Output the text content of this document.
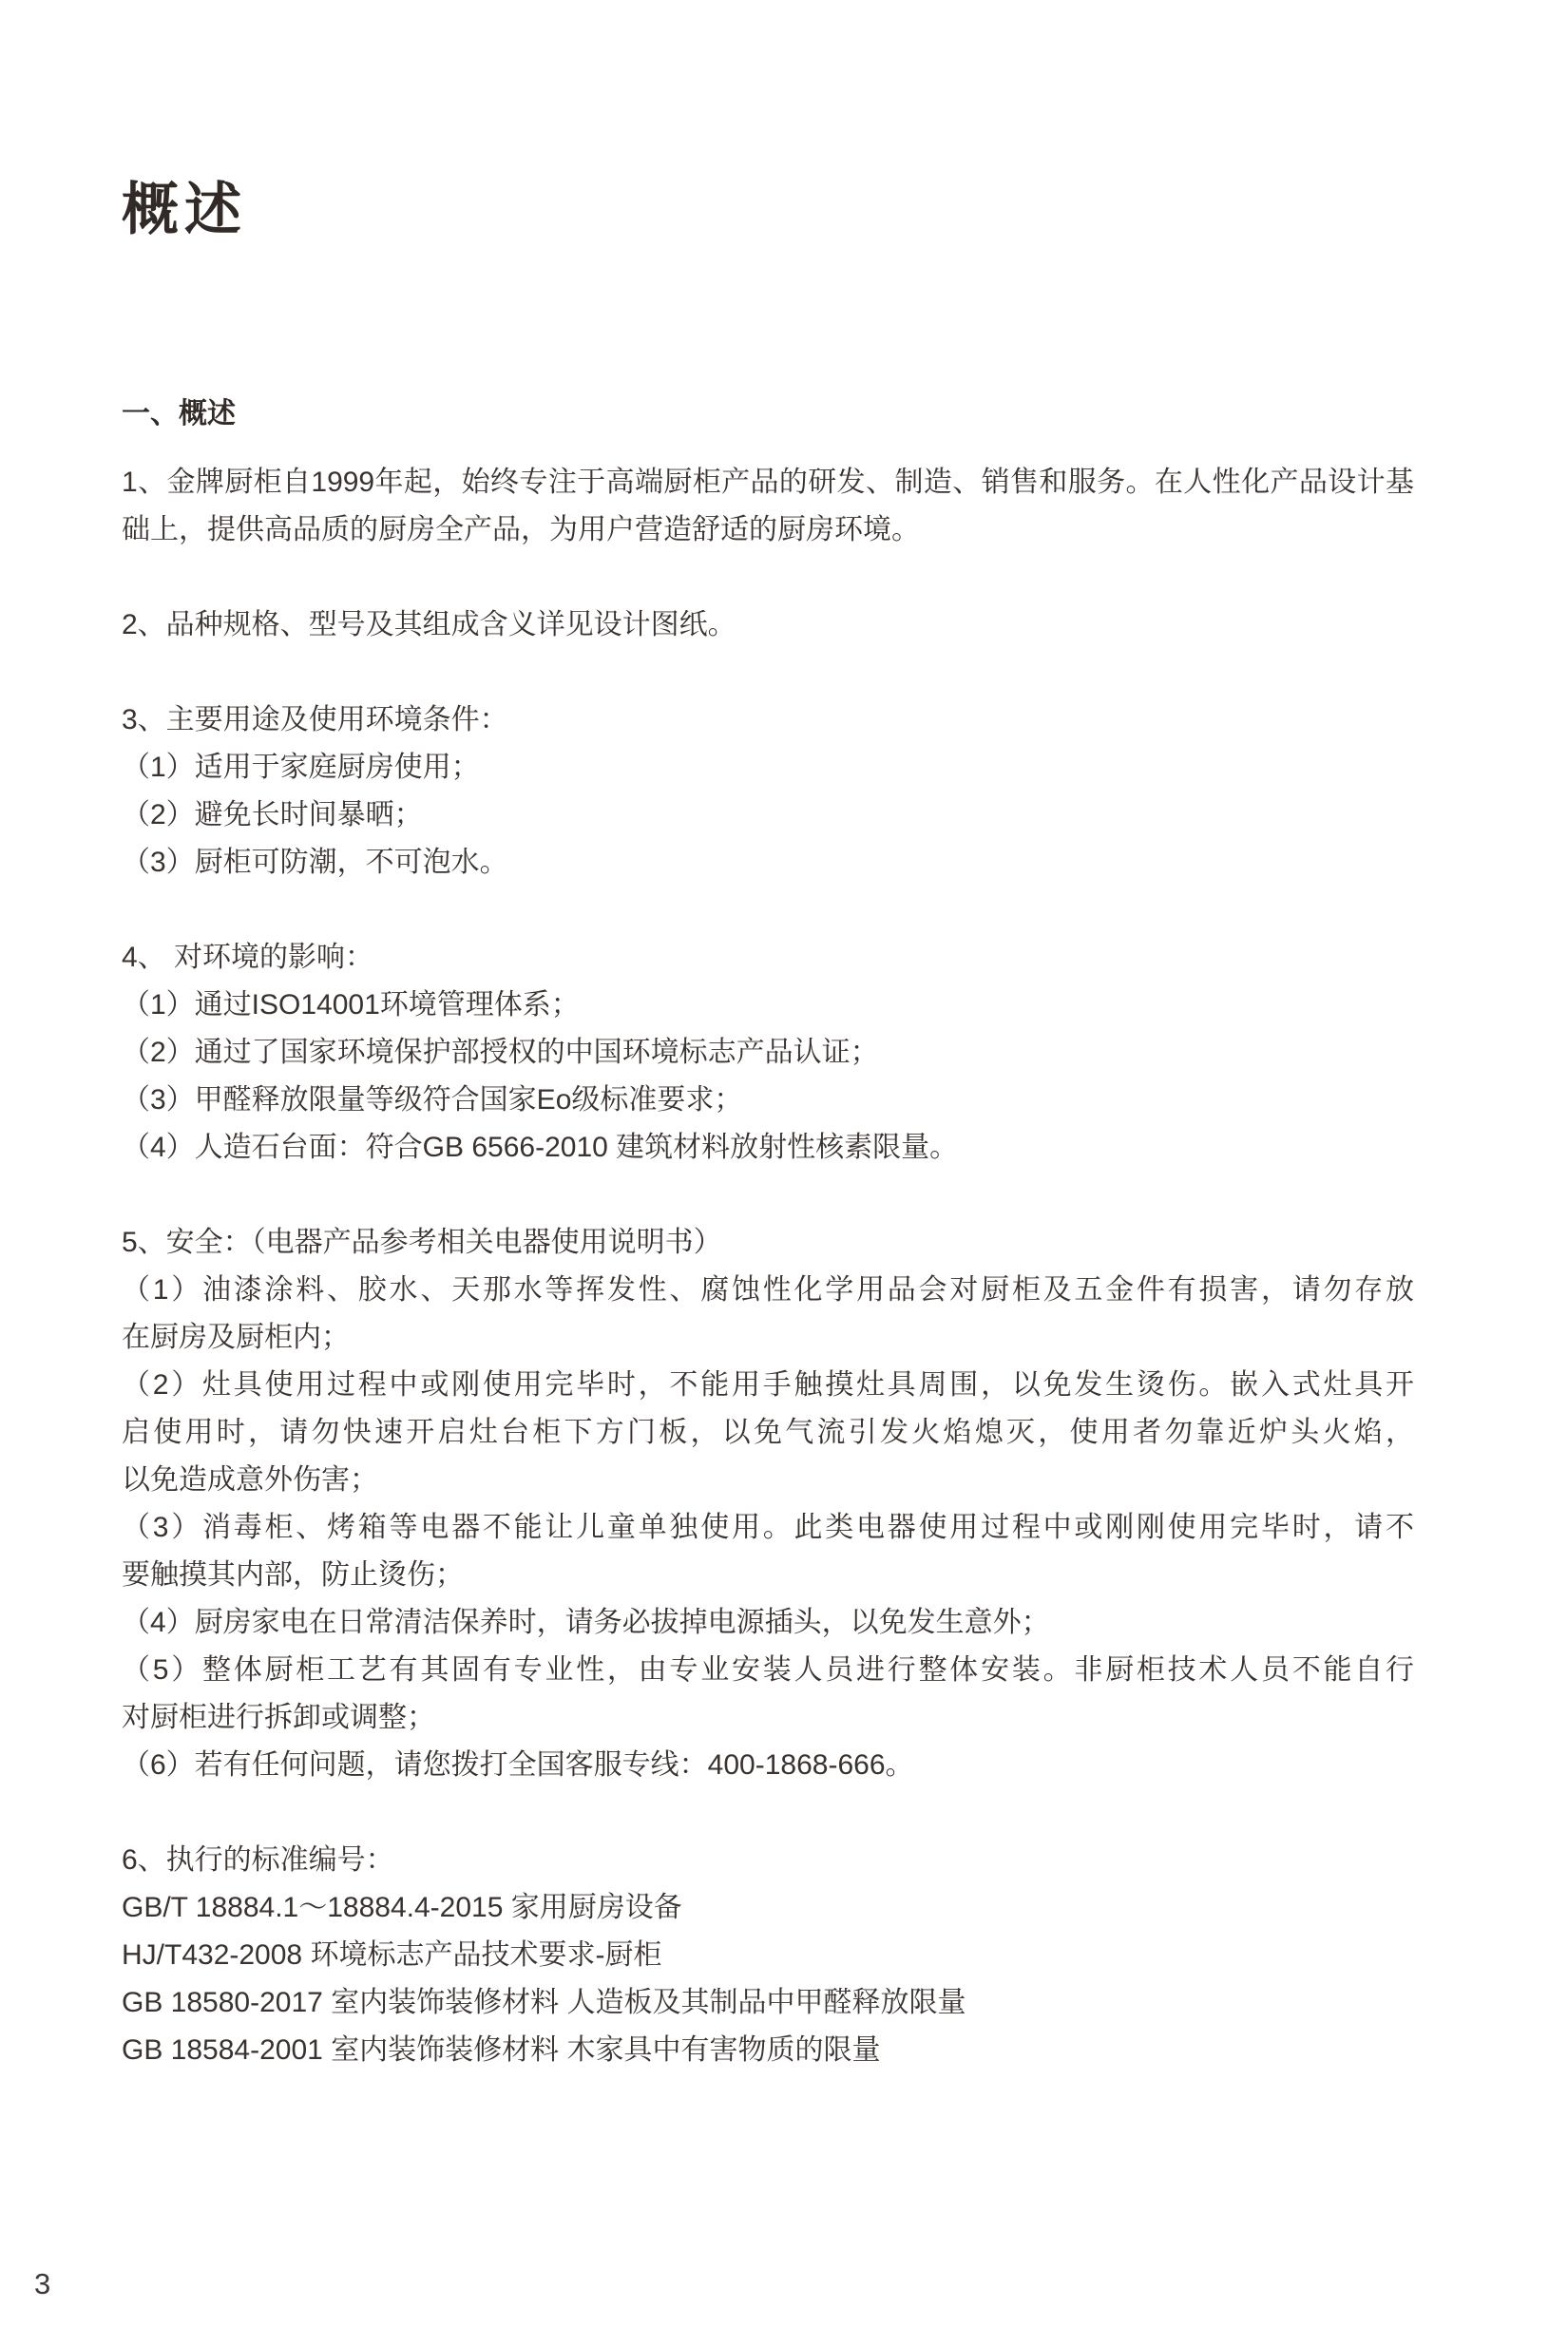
概述
一、概述

1、金牌厨柜自1999年起，始终专注于高端厨柜产品的研发、制造、销售和服务。在人性化产品设计基

础上，提供高品质的厨房全产品，为用户营造舒适的厨房环境。

2、品种规格、型号及其组成含义详见设计图纸。

3、主要用途及使用环境条件：

（1）适用于家庭厨房使用；

（2）避免长时间暴晒；

（3）厨柜可防潮，不可泡水。

4、 对环境的影响：

（1）通过ISO14001环境管理体系；

（2）通过了国家环境保护部授权的中国环境标志产品认证；

（3）甲醛释放限量等级符合国家Eo级标准要求；

（4）人造石台面：符合GB 6566-2010 建筑材料放射性核素限量。

5、安全：（电器产品参考相关电器使用说明书）

（1）油漆涂料、胶水、天那水等挥发性、腐蚀性化学用品会对厨柜及五金件有损害，请勿存放

在厨房及厨柜内；

（2）灶具使用过程中或刚使用完毕时，不能用手触摸灶具周围，以免发生烫伤。嵌入式灶具开

启使用时，请勿快速开启灶台柜下方门板，以免气流引发火焰熄灭，使用者勿靠近炉头火焰，

以免造成意外伤害；

（3）消毒柜、烤箱等电器不能让儿童单独使用。此类电器使用过程中或刚刚使用完毕时，请不

要触摸其内部，防止烫伤；

（4）厨房家电在日常清洁保养时，请务必拔掉电源插头，以免发生意外；

（5）整体厨柜工艺有其固有专业性，由专业安装人员进行整体安装。非厨柜技术人员不能自行

对厨柜进行拆卸或调整；

（6）若有任何问题，请您拨打全国客服专线：400-1868-666。

6、执行的标准编号：

GB/T 18884.1～18884.4-2015 家用厨房设备

HJ/T432-2008 环境标志产品技术要求-厨柜

GB 18580-2017 室内装饰装修材料 人造板及其制品中甲醛释放限量

GB 18584-2001 室内装饰装修材料 木家具中有害物质的限量

3
